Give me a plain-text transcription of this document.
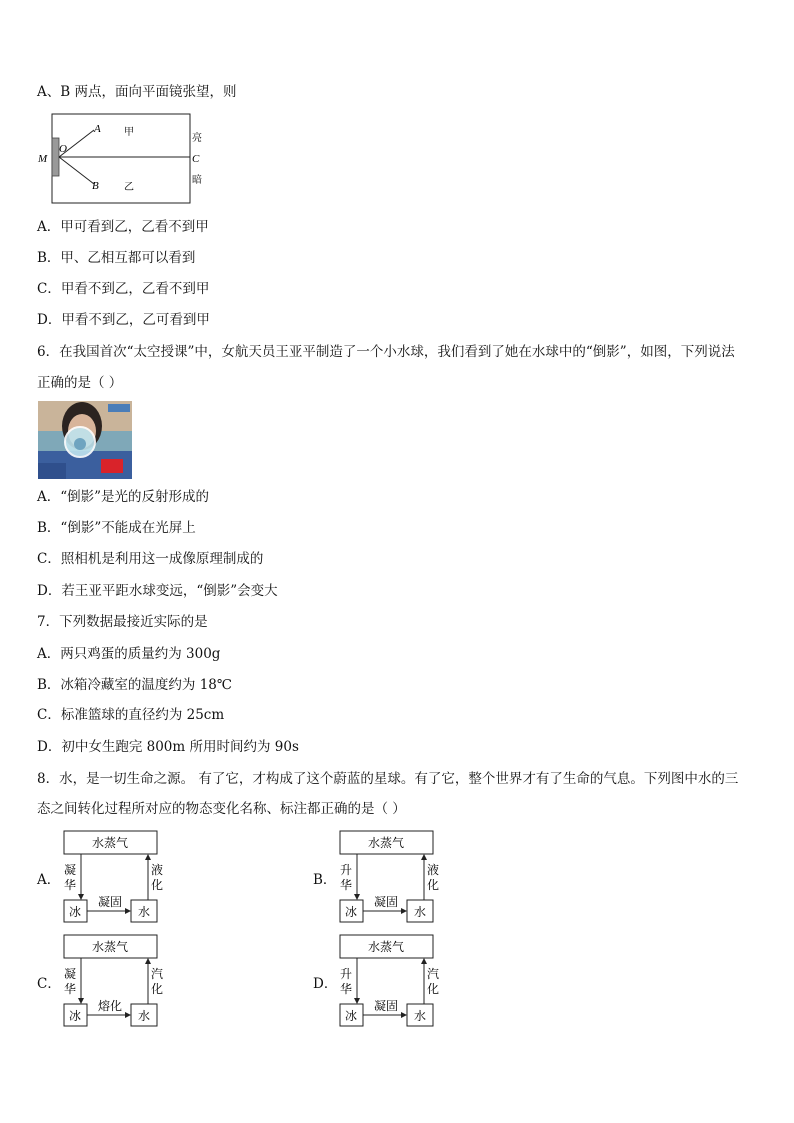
A、B 两点，面向平面镜张望，则
A
B
O
M	C
甲
乙
亮
暗
A．甲可看到乙，乙看不到甲
B．甲、乙相互都可以看到
C．甲看不到乙，乙看不到甲
D．甲看不到乙，乙可看到甲
6．在我国首次“太空授课”中，女航天员王亚平制造了一个小水球，我们看到了她在水球中的“倒影”，如图，下列说法
正确的是（ ）
A．“倒影”是光的反射形成的
B．“倒影”不能成在光屏上
C．照相机是利用这一成像原理制成的
D．若王亚平距水球变远，“倒影”会变大
7．下列数据最接近实际的是
A．两只鸡蛋的质量约为 300g
B．冰箱冷藏室的温度约为 18℃
C．标准篮球的直径约为 25cm
D．初中女生跑完 800m 所用时间约为 90s
8．水，是一切生命之源。 有了它，才构成了这个蔚蓝的星球。有了它，整个世界才有了生命的气息。下列图中水的三
态之间转化过程所对应的物态变化名称、标注都正确的是（ ）
A．
水蒸气
冰	水
凝
华
凝固
液
化	B．
水蒸气
冰	水
升
华
凝固
液
化
C．
水蒸气
冰	水
凝
华
熔化
汽
化	D．
水蒸气
冰	水
升
华
凝固
汽
化
